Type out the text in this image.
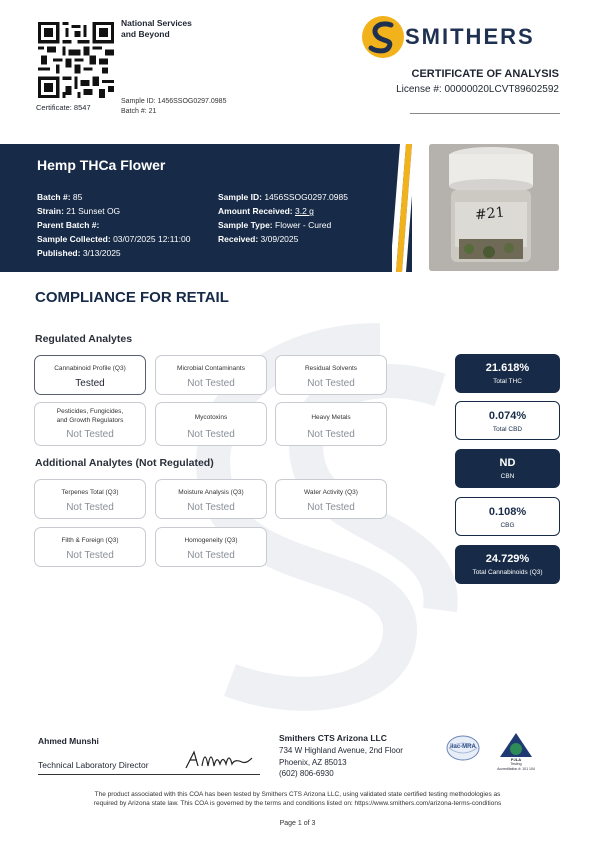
National Services
and Beyond
Certificate: 8547
Sample ID: 1456SSOG0297.0985
Batch #: 21
SMITHERS
CERTIFICATE OF ANALYSIS
License #: 00000020LCVT89602592
Hemp THCa Flower
Batch #: 85
Strain: 21 Sunset OG
Parent Batch #:
Sample Collected: 03/07/2025 12:11:00
Published: 3/13/2025
Sample ID: 1456SSOG0297.0985
Amount Received: 3.2 g
Sample Type: Flower - Cured
Received: 3/09/2025
#21
COMPLIANCE FOR RETAIL
Regulated Analytes
Cannabinoid Profile (Q3)
Tested
Microbial Contaminants
Not Tested
Residual Solvents
Not Tested
Pesticides, Fungicides,
and Growth Regulators
Not Tested
Mycotoxins
Not Tested
Heavy Metals
Not Tested
Additional Analytes (Not Regulated)
Terpenes Total (Q3)
Not Tested
Moisture Analysis (Q3)
Not Tested
Water Activity (Q3)
Not Tested
Filth & Foreign (Q3)
Not Tested
Homogeneity (Q3)
Not Tested
21.618%
Total THC
0.074%
Total CBD
ND
CBN
0.108%
CBG
24.729%
Total Cannabinoids (Q3)
Ahmed Munshi
Technical Laboratory Director
Smithers CTS Arizona LLC
734 W Highland Avenue, 2nd Floor
Phoenix, AZ 85013
(602) 806-6930
ilac-MRA
PJLA
Testing
Accreditation #: 101 104
The product associated with this COA has been tested by Smithers CTS Arizona LLC, using validated state certified testing methodologies as
required by Arizona state law. This COA is governed by the terms and conditions listed on: https://www.smithers.com/arizona-terms-conditions
Page 1 of 3
